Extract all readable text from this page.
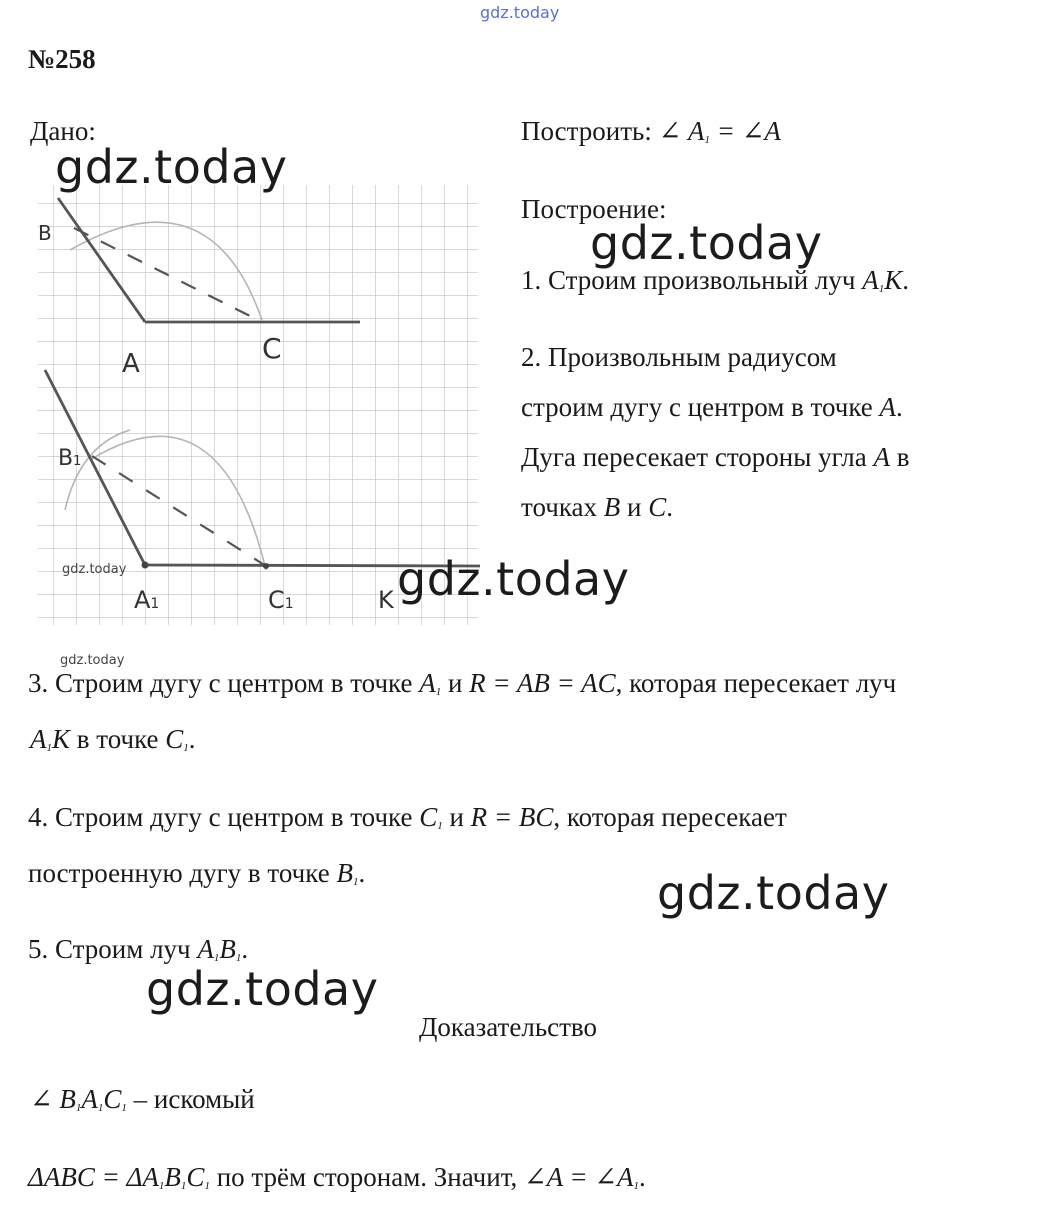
gdz.today
№258
Дано:	Построить: ∠ $A_1$ = ∠A
Построение:
B
A	C
B1
A1	C1	K
1. Строим произвольный луч $A_1K$.
2. Произвольным радиусом
строим дугу с центром в точке A.
Дуга пересекает стороны угла A в
точках B и C.
3. Строим дугу с центром в точке $A_1$ и R = AB = AC, которая пересекает луч
$A_1K$ в точке $C_1$.
4. Строим дугу с центром в точке $C_1$ и R = BC, которая пересекает
построенную дугу в точке $B_1$.
5. Строим луч $A_1B_1$.
Доказательство
∠ $B_1A_1C_1$ – искомый
$\Delta ABC = \Delta A_1B_1C_1$ по трём сторонам. Значит, ∠A = $\angle A_1$.
gdz.today
gdz.today
gdz.today
gdz.today
gdz.today
gdz.today
gdz.today
